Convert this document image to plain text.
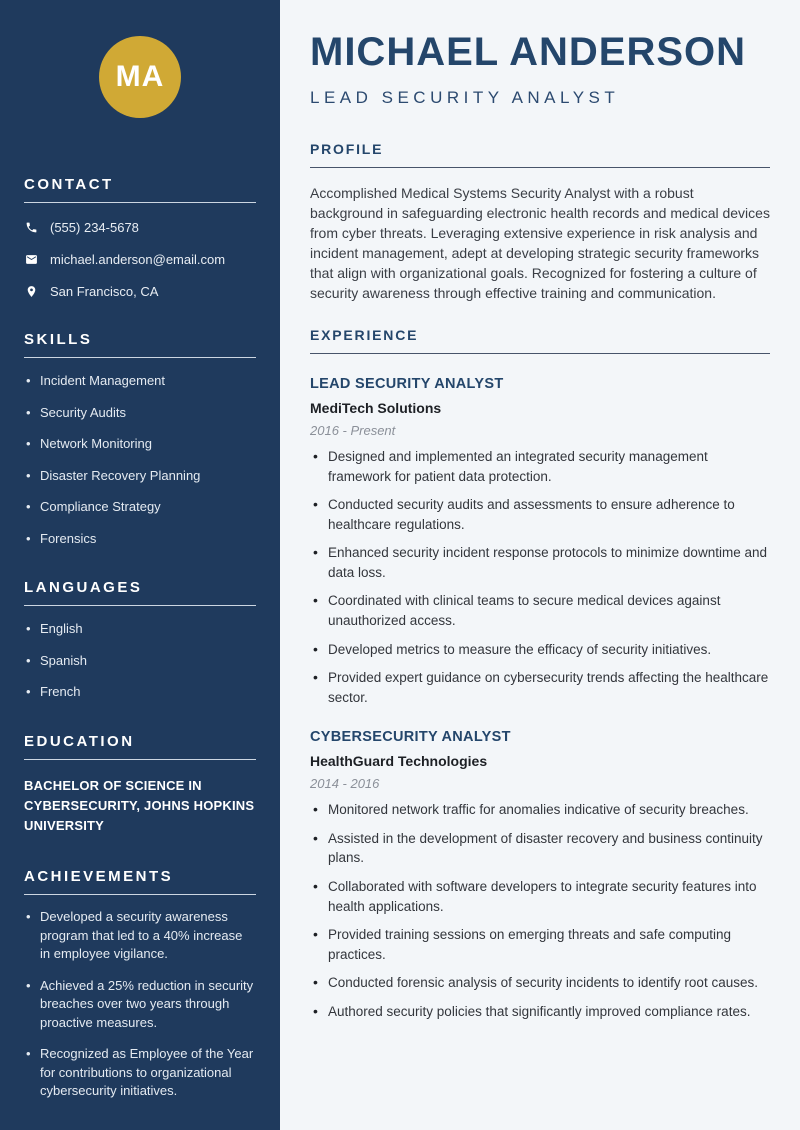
MA
CONTACT
(555) 234-5678
michael.anderson@email.com
San Francisco, CA
SKILLS
• Incident Management
• Security Audits
• Network Monitoring
• Disaster Recovery Planning
• Compliance Strategy
• Forensics
LANGUAGES
• English
• Spanish
• French
EDUCATION
BACHELOR OF SCIENCE IN CYBERSECURITY, JOHNS HOPKINS UNIVERSITY
ACHIEVEMENTS
• Developed a security awareness program that led to a 40% increase in employee vigilance.
• Achieved a 25% reduction in security breaches over two years through proactive measures.
• Recognized as Employee of the Year for contributions to organizational cybersecurity initiatives.
MICHAEL ANDERSON
LEAD SECURITY ANALYST
PROFILE

Accomplished Medical Systems Security Analyst with a robust background in safeguarding electronic health records and medical devices from cyber threats. Leveraging extensive experience in risk analysis and incident management, adept at developing strategic security frameworks that align with organizational goals. Recognized for fostering a culture of security awareness through effective training and communication.

EXPERIENCE
LEAD SECURITY ANALYST
MediTech Solutions
2016 - Present
• Designed and implemented an integrated security management framework for patient data protection.
• Conducted security audits and assessments to ensure adherence to healthcare regulations.
• Enhanced security incident response protocols to minimize downtime and data loss.
• Coordinated with clinical teams to secure medical devices against unauthorized access.
• Developed metrics to measure the efficacy of security initiatives.
• Provided expert guidance on cybersecurity trends affecting the healthcare sector.
CYBERSECURITY ANALYST
HealthGuard Technologies
2014 - 2016
• Monitored network traffic for anomalies indicative of security breaches.
• Assisted in the development of disaster recovery and business continuity plans.
• Collaborated with software developers to integrate security features into health applications.
• Provided training sessions on emerging threats and safe computing practices.
• Conducted forensic analysis of security incidents to identify root causes.
• Authored security policies that significantly improved compliance rates.
